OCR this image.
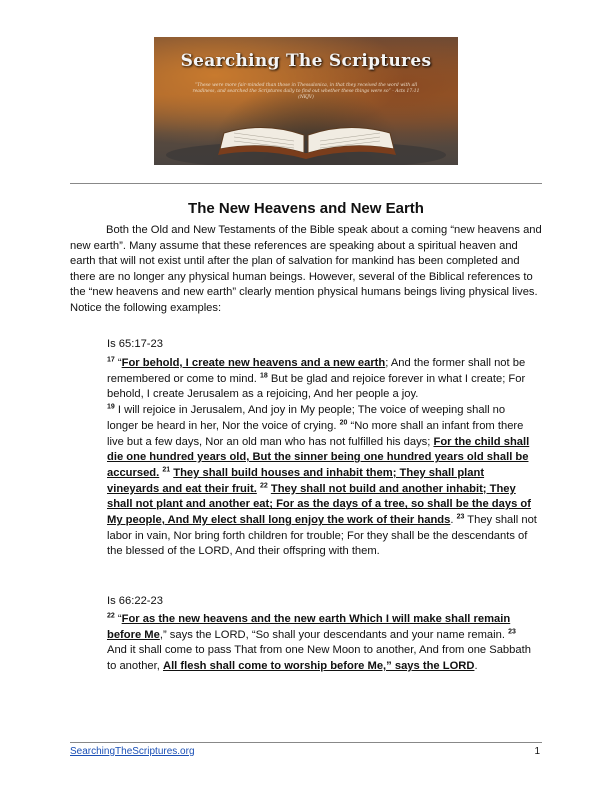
Searching The Scriptures
“These were more fair-minded than those in Thessalonica, in that they received the word with all readiness, and searched the Scriptures daily to find out whether these things were so” - Acts 17:11 (NKJV)
The New Heavens and New Earth

Both the Old and New Testaments of the Bible speak about a coming “new heavens and new earth”. Many assume that these references are speaking about a spiritual heaven and earth that will not exist until after the plan of salvation for mankind has been completed and there are no longer any physical human beings. However, several of the Biblical references to the “new heavens and new earth” clearly mention physical humans beings living physical lives. Notice the following examples:

Is 65:17-23

$^{17}$ “For behold, I create new heavens and a new earth; And the former shall not be remembered or come to mind. $^{18}$ But be glad and rejoice forever in what I create; For behold, I create Jerusalem as a rejoicing, And her people a joy.
$^{19}$ I will rejoice in Jerusalem, And joy in My people; The voice of weeping shall no longer be heard in her, Nor the voice of crying. $^{20}$ “No more shall an infant from there live but a few days, Nor an old man who has not fulfilled his days; For the child shall die one hundred years old, But the sinner being one hundred years old shall be accursed. $^{21}$ They shall build houses and inhabit them; They shall plant vineyards and eat their fruit. $^{22}$ They shall not build and another inhabit; They shall not plant and another eat; For as the days of a tree, so shall be the days of My people, And My elect shall long enjoy the work of their hands. $^{23}$ They shall not labor in vain, Nor bring forth children for trouble; For they shall be the descendants of the blessed of the LORD, And their offspring with them.

Is 66:22-23

$^{22}$ “For as the new heavens and the new earth Which I will make shall remain before Me,” says the LORD, “So shall your descendants and your name remain. $^{23}$ And it shall come to pass That from one New Moon to another, And from one Sabbath to another, All flesh shall come to worship before Me,” says the LORD.

SearchingTheScriptures.org	1
